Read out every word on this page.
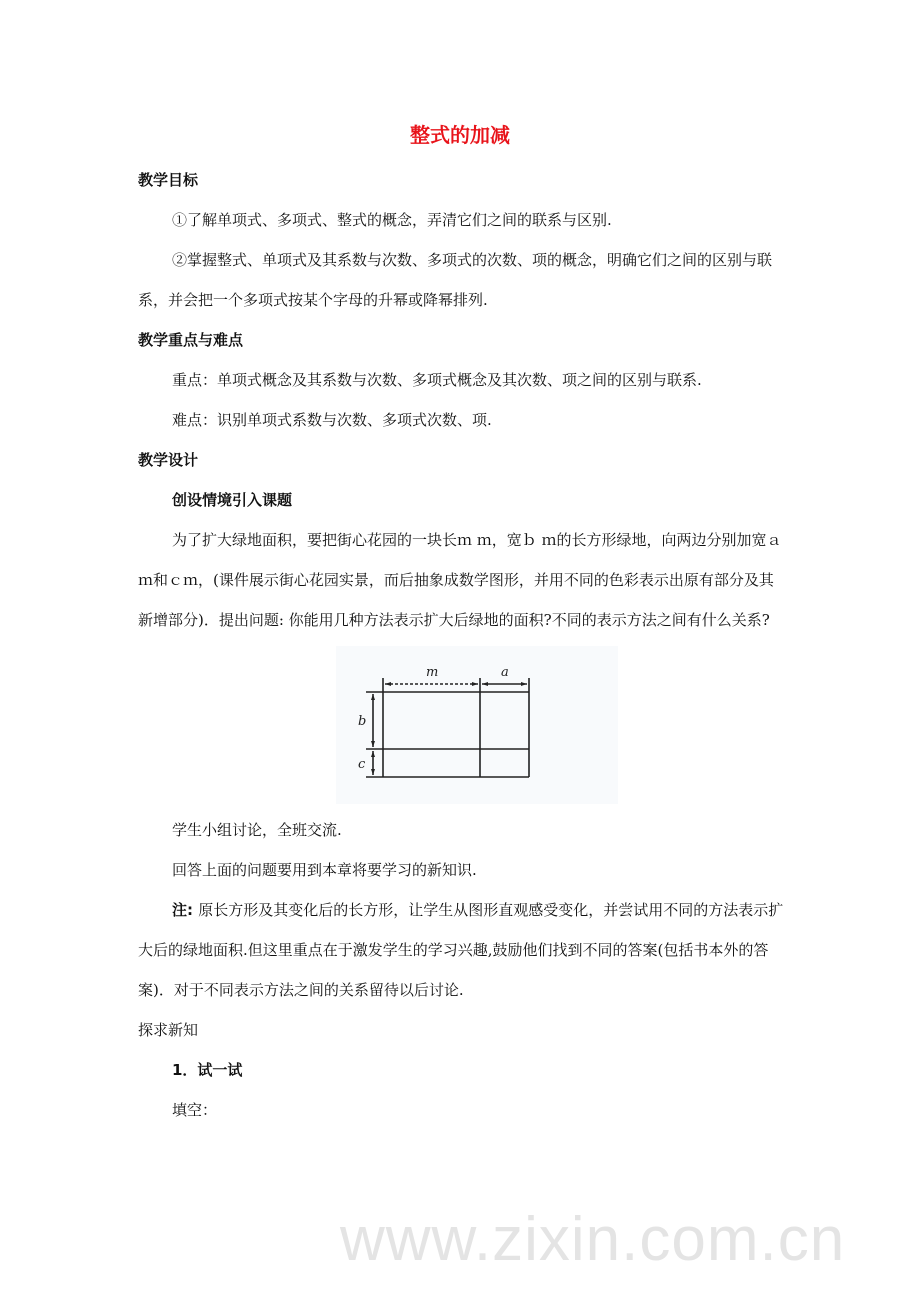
整式的加减
教学目标
①了解单项式、多项式、整式的概念，弄清它们之间的联系与区别.
②掌握整式、单项式及其系数与次数、多项式的次数、项的概念，明确它们之间的区别与联系，并会把一个多项式按某个字母的升幂或降幂排列.
教学重点与难点
重点：单项式概念及其系数与次数、多项式概念及其次数、项之间的区别与联系.
难点：识别单项式系数与次数、多项式次数、项.
教学设计
创设情境引入课题
为了扩大绿地面积，要把街心花园的一块长ｍ ｍ，宽ｂ ｍ的长方形绿地，向两边分别加宽ａｍ和ｃｍ，(课件展示街心花园实景，而后抽象成数学图形，并用不同的色彩表示出原有部分及其新增部分)．提出问题: 你能用几种方法表示扩大后绿地的面积?不同的表示方法之间有什么关系?
m	a
b
c
学生小组讨论，全班交流.
回答上面的问题要用到本章将要学习的新知识.
注: 原长方形及其变化后的长方形，让学生从图形直观感受变化，并尝试用不同的方法表示扩大后的绿地面积.但这里重点在于激发学生的学习兴趣,鼓励他们找到不同的答案(包括书本外的答案)．对于不同表示方法之间的关系留待以后讨论.
探求新知
1．试一试
填空：
www.zixin.com.cn
